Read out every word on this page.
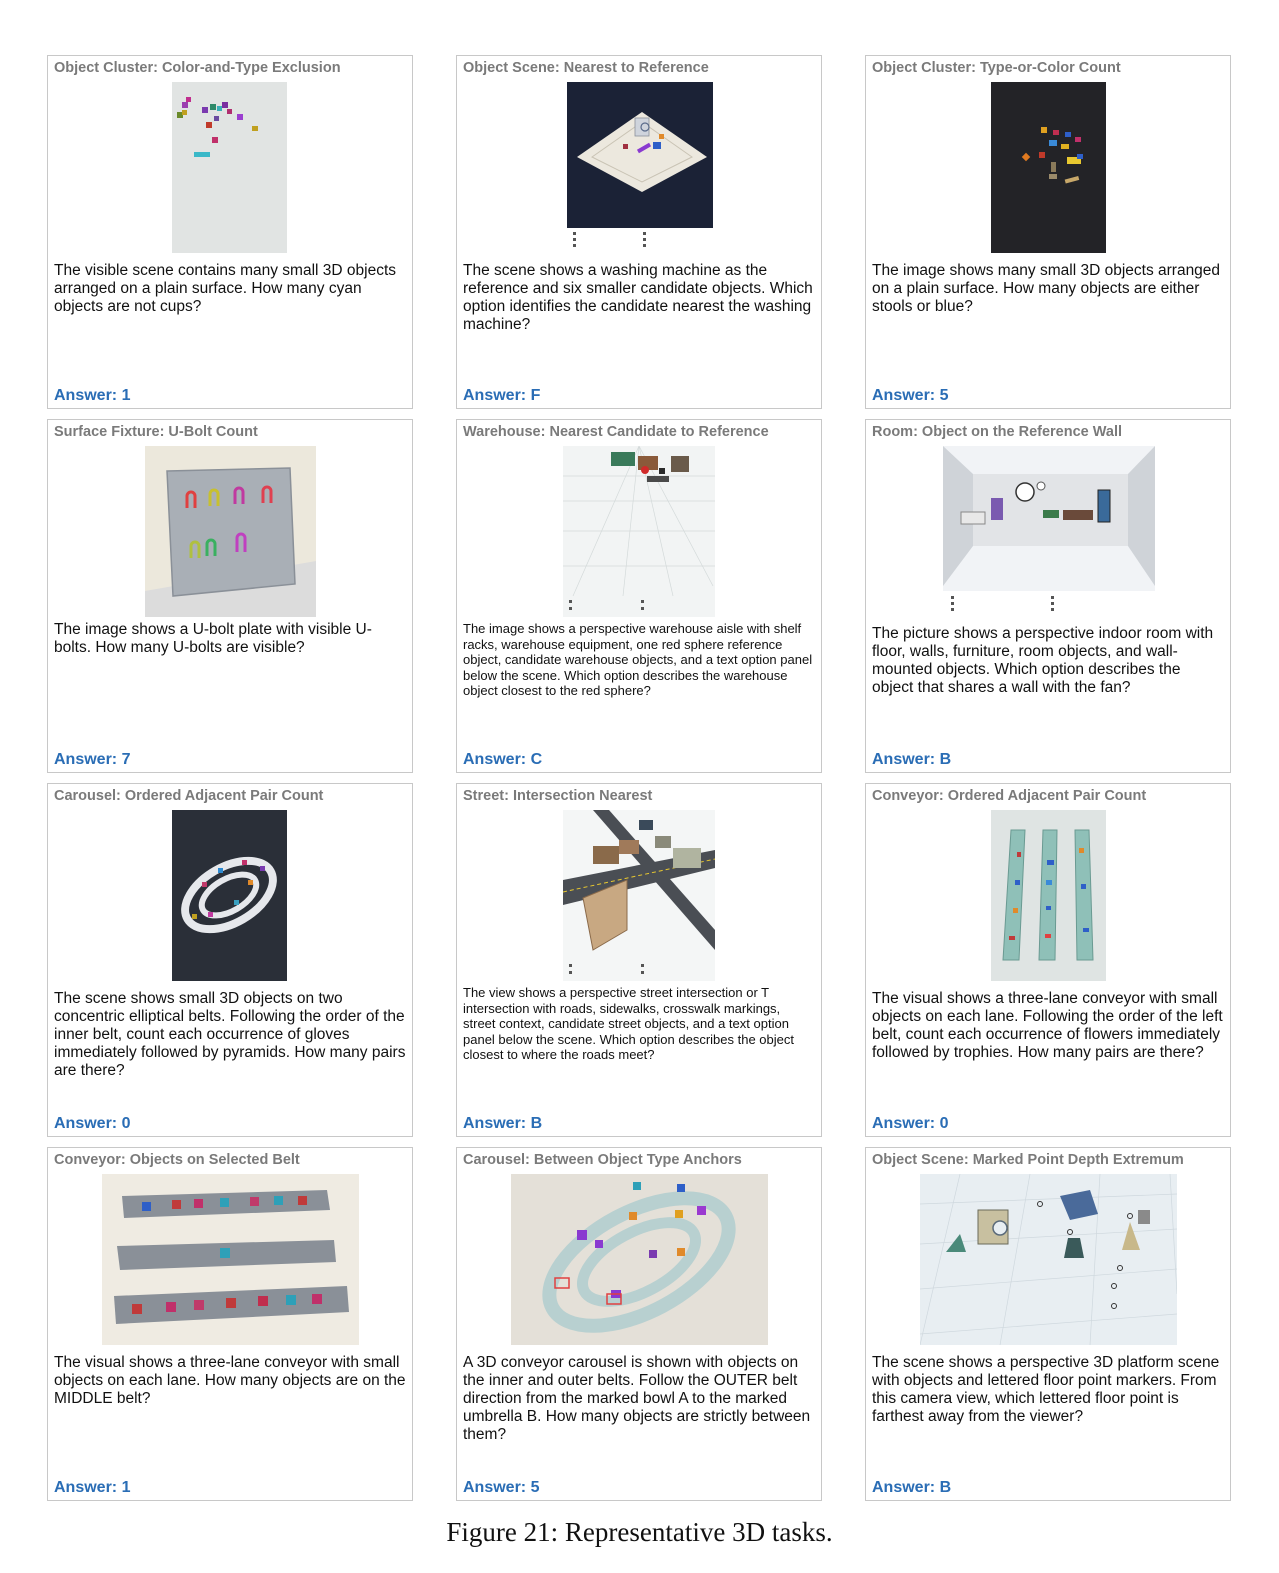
Object Cluster: Color-and-Type Exclusion
The visible scene contains many small 3D objects arranged on a plain surface. How many cyan objects are not cups?
Answer: 1
Object Scene: Nearest to Reference
The scene shows a washing machine as the reference and six smaller candidate objects. Which option identifies the candidate nearest the washing machine?
Answer: F
Object Cluster: Type-or-Color Count
The image shows many small 3D objects arranged on a plain surface. How many objects are either stools or blue?
Answer: 5
Surface Fixture: U-Bolt Count
The image shows a U-bolt plate with visible U-bolts. How many U-bolts are visible?
Answer: 7
Warehouse: Nearest Candidate to Reference
The image shows a perspective warehouse aisle with shelf racks, warehouse equipment, one red sphere reference object, candidate warehouse objects, and a text option panel below the scene. Which option describes the warehouse object closest to the red sphere?
Answer: C
Room: Object on the Reference Wall
The picture shows a perspective indoor room with floor, walls, furniture, room objects, and wall-mounted objects. Which option describes the object that shares a wall with the fan?
Answer: B
Carousel: Ordered Adjacent Pair Count
The scene shows small 3D objects on two concentric elliptical belts. Following the order of the inner belt, count each occurrence of gloves immediately followed by pyramids. How many pairs are there?
Answer: 0
Street: Intersection Nearest
The view shows a perspective street intersection or T intersection with roads, sidewalks, crosswalk markings, street context, candidate street objects, and a text option panel below the scene. Which option describes the object closest to where the roads meet?
Answer: B
Conveyor: Ordered Adjacent Pair Count
The visual shows a three-lane conveyor with small objects on each lane. Following the order of the left belt, count each occurrence of flowers immediately followed by trophies. How many pairs are there?
Answer: 0
Conveyor: Objects on Selected Belt
The visual shows a three-lane conveyor with small objects on each lane. How many objects are on the MIDDLE belt?
Answer: 1
Carousel: Between Object Type Anchors
A 3D conveyor carousel is shown with objects on the inner and outer belts. Follow the OUTER belt direction from the marked bowl A to the marked umbrella B. How many objects are strictly between them?
Answer: 5
Object Scene: Marked Point Depth Extremum
The scene shows a perspective 3D platform scene with objects and lettered floor point markers. From this camera view, which lettered floor point is farthest away from the viewer?
Answer: B
Figure 21: Representative 3D tasks.
